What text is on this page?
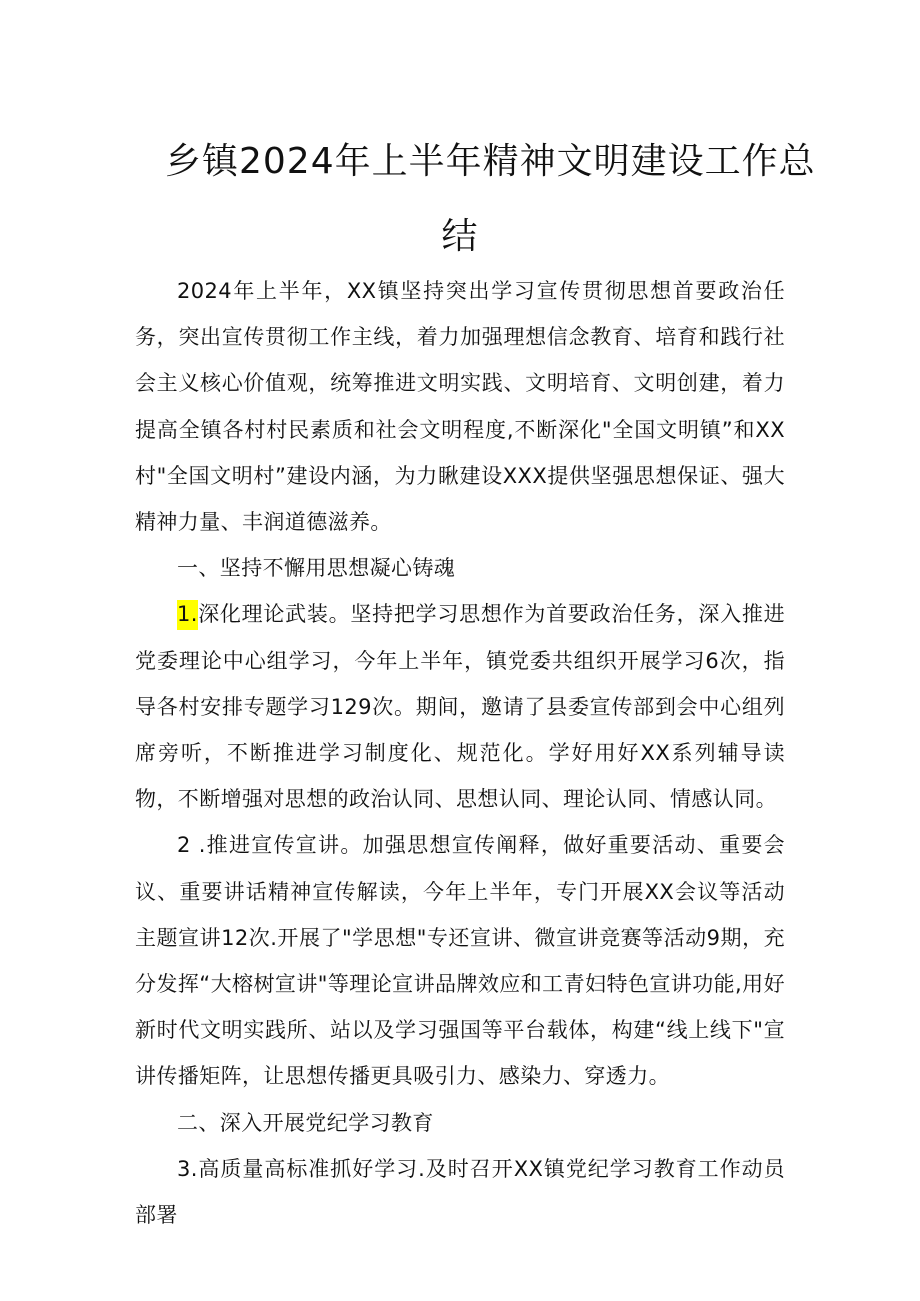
乡镇2024年上半年精神文明建设工作总
结

2024年上半年，XX镇坚持突出学习宣传贯彻思想首要政治任务，突出宣传贯彻工作主线，着力加强理想信念教育、培育和践行社会主义核心价值观，统筹推进文明实践、文明培育、文明创建，着力提高全镇各村村民素质和社会文明程度,不断深化"全国文明镇”和XX村"全国文明村”建设内涵，为力瞅建设XXX提供坚强思想保证、强大精神力量、丰润道德滋养。

一、坚持不懈用思想凝心铸魂

1.深化理论武装。坚持把学习思想作为首要政治任务，深入推进党委理论中心组学习，今年上半年，镇党委共组织开展学习6次，指导各村安排专题学习129次。期间，邀请了县委宣传部到会中心组列席旁听，不断推进学习制度化、规范化。学好用好XX系列辅导读物，不断增强对思想的政治认同、思想认同、理论认同、情感认同。

2 .推进宣传宣讲。加强思想宣传阐释，做好重要活动、重要会议、重要讲话精神宣传解读，今年上半年，专门开展XX会议等活动主题宣讲12次.开展了"学思想"专还宣讲、微宣讲竞赛等活动9期，充分发挥“大榕树宣讲"等理论宣讲品牌效应和工青妇特色宣讲功能,用好新时代文明实践所、站以及学习强国等平台载体，构建“线上线下"宣讲传播矩阵，让思想传播更具吸引力、感染力、穿透力。

二、深入开展党纪学习教育

3.高质量高标准抓好学习.及时召开XX镇党纪学习教育工作动员部署
